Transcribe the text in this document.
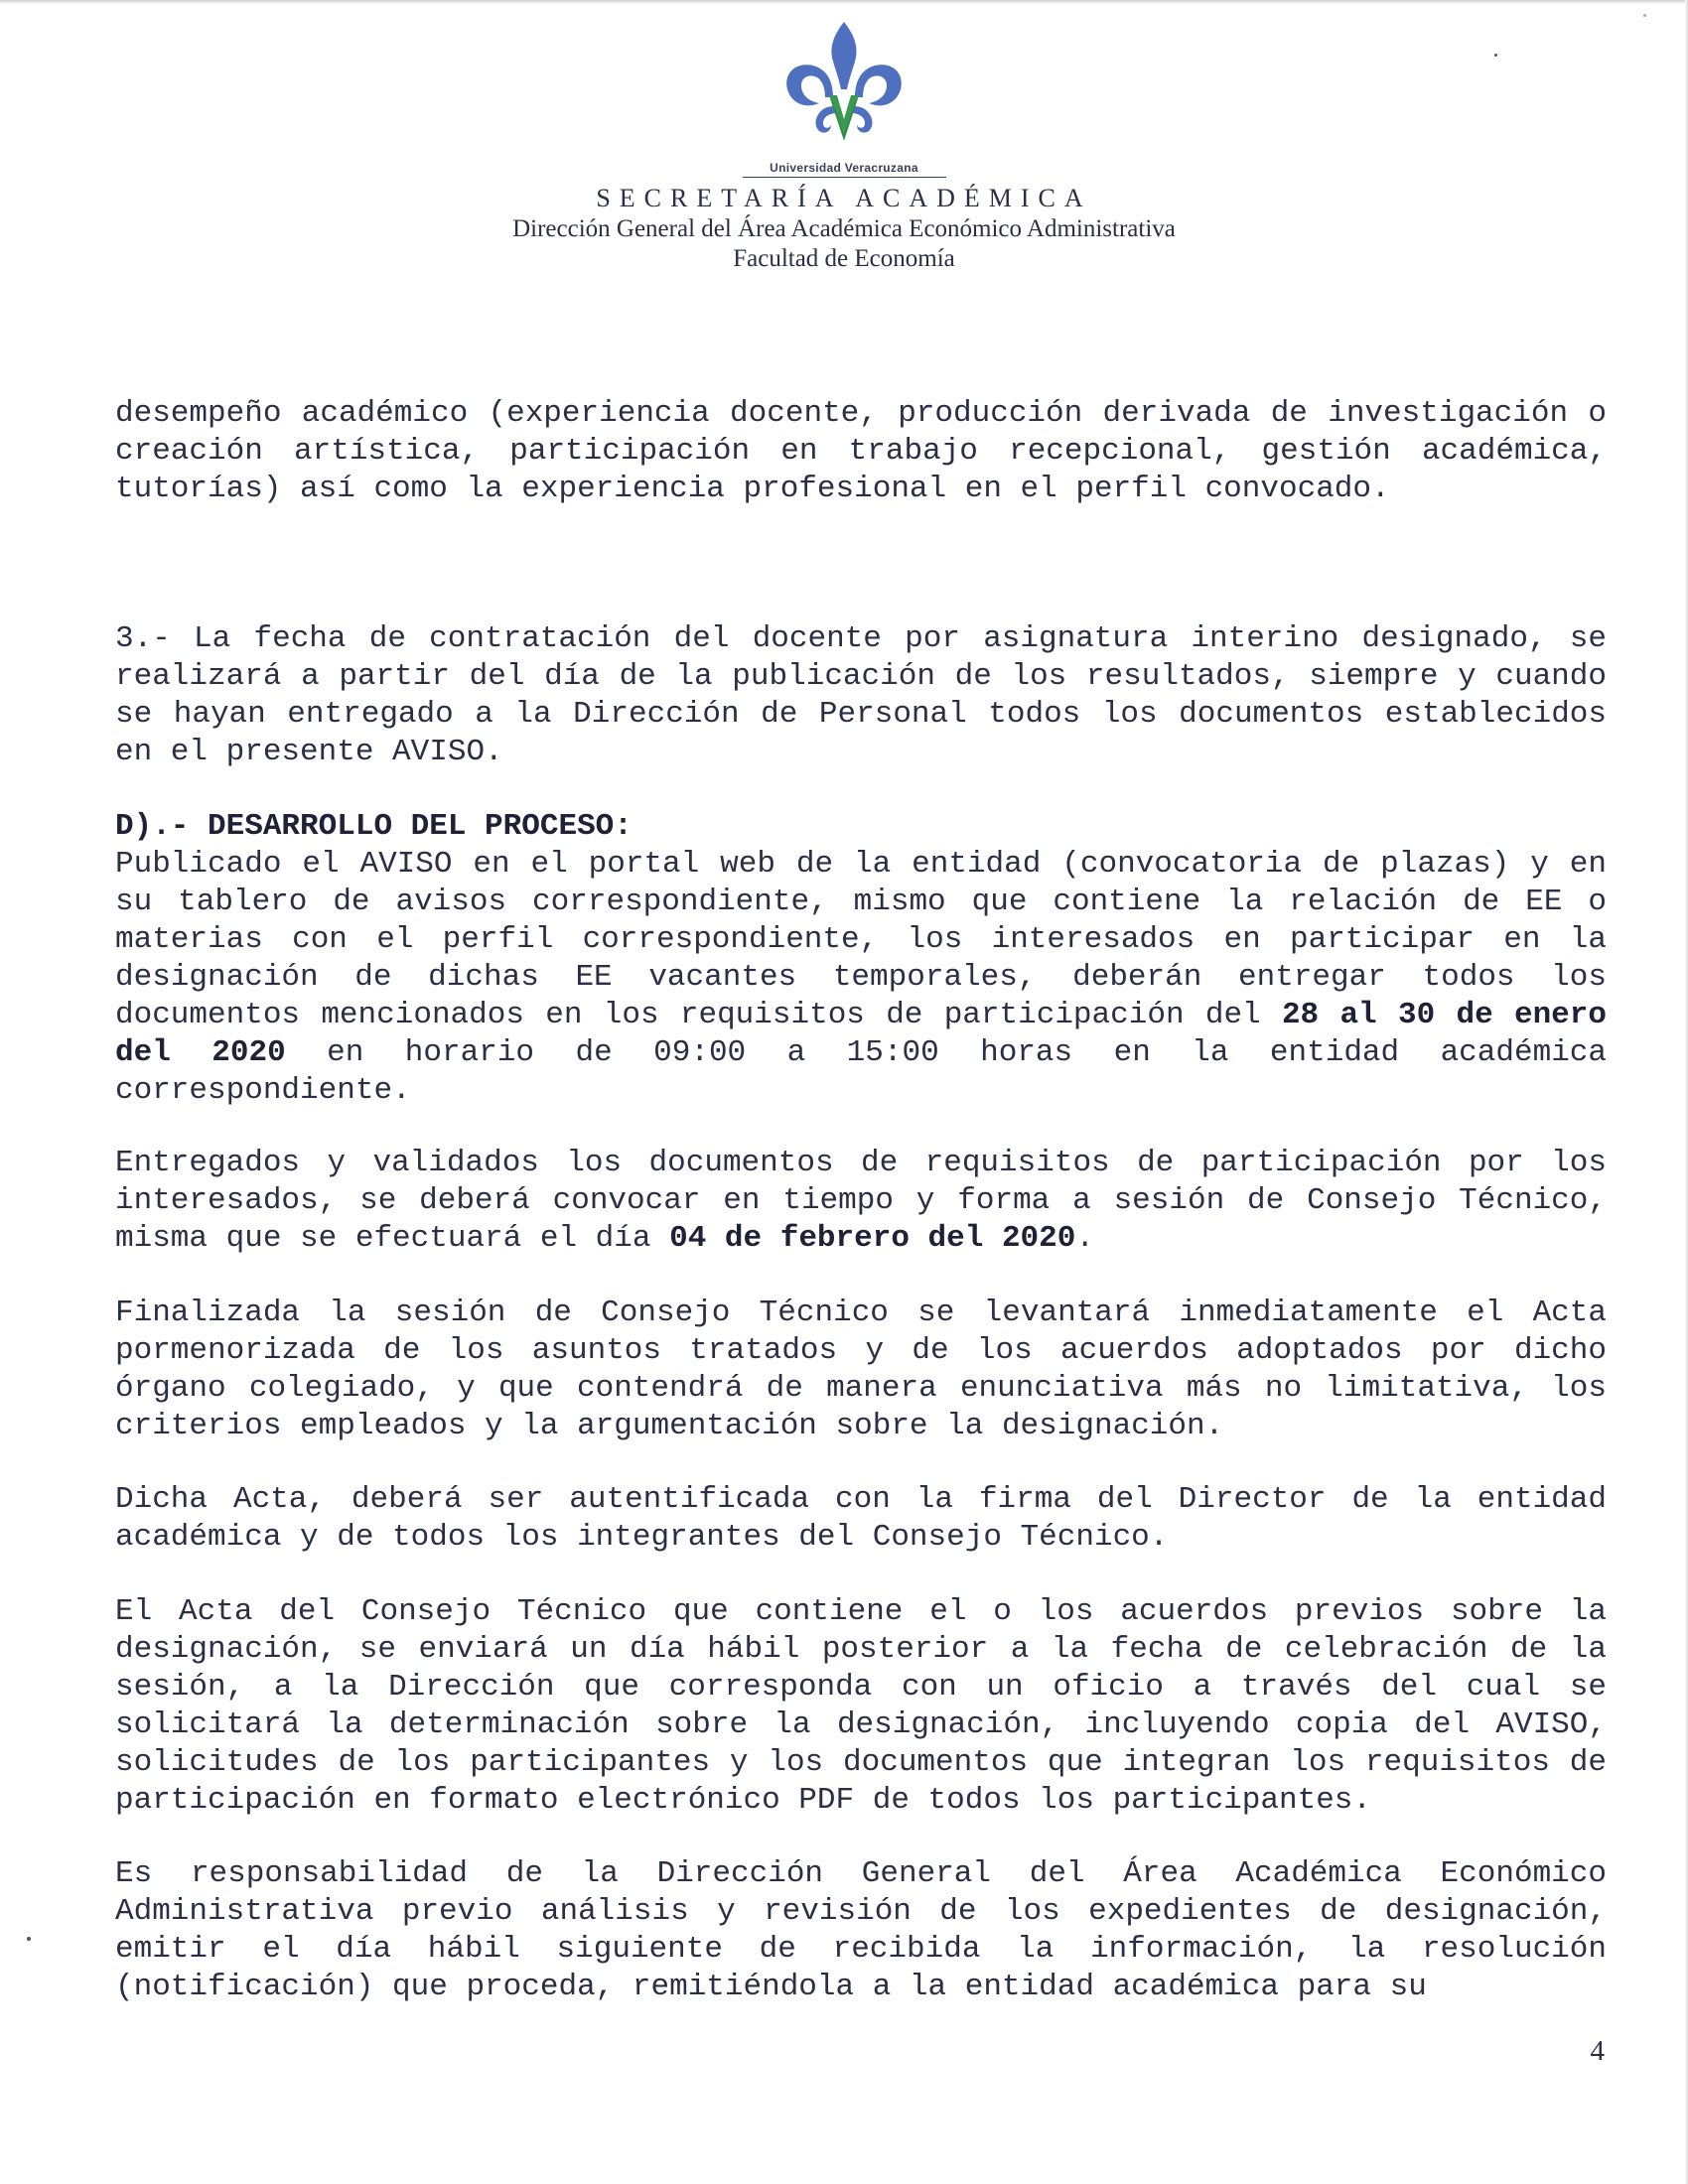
Universidad Veracruzana
SECRETARÍA ACADÉMICA
Dirección General del Área Académica Económico Administrativa
Facultad de Economía

desempeño académico (experiencia docente, producción derivada de investigación o creación artística, participación en trabajo recepcional, gestión académica, tutorías) así como la experiencia profesional en el perfil convocado.

3.- La fecha de contratación del docente por asignatura interino designado, se realizará a partir del día de la publicación de los resultados, siempre y cuando se hayan entregado a la Dirección de Personal todos los documentos establecidos en el presente AVISO.

D).- DESARROLLO DEL PROCESO:

Publicado el AVISO en el portal web de la entidad (convocatoria de plazas) y en su tablero de avisos correspondiente, mismo que contiene la relación de EE o materias con el perfil correspondiente, los interesados en participar en la designación de dichas EE vacantes temporales, deberán entregar todos los documentos mencionados en los requisitos de participación del 28 al 30 de enero del 2020 en horario de 09:00 a 15:00 horas en la entidad académica correspondiente.

Entregados y validados los documentos de requisitos de participación por los interesados, se deberá convocar en tiempo y forma a sesión de Consejo Técnico, misma que se efectuará el día 04 de febrero del 2020.

Finalizada la sesión de Consejo Técnico se levantará inmediatamente el Acta pormenorizada de los asuntos tratados y de los acuerdos adoptados por dicho órgano colegiado, y que contendrá de manera enunciativa más no limitativa, los criterios empleados y la argumentación sobre la designación.

Dicha Acta, deberá ser autentificada con la firma del Director de la entidad académica y de todos los integrantes del Consejo Técnico.

El Acta del Consejo Técnico que contiene el o los acuerdos previos sobre la designación, se enviará un día hábil posterior a la fecha de celebración de la sesión, a la Dirección que corresponda con un oficio a través del cual se solicitará la determinación sobre la designación, incluyendo copia del AVISO, solicitudes de los participantes y los documentos que integran los requisitos de participación en formato electrónico PDF de todos los participantes.

Es responsabilidad de la Dirección General del Área Académica Económico Administrativa previo análisis y revisión de los expedientes de designación, emitir el día hábil siguiente de recibida la información, la resolución (notificación) que proceda, remitiéndola a la entidad académica para su

4
